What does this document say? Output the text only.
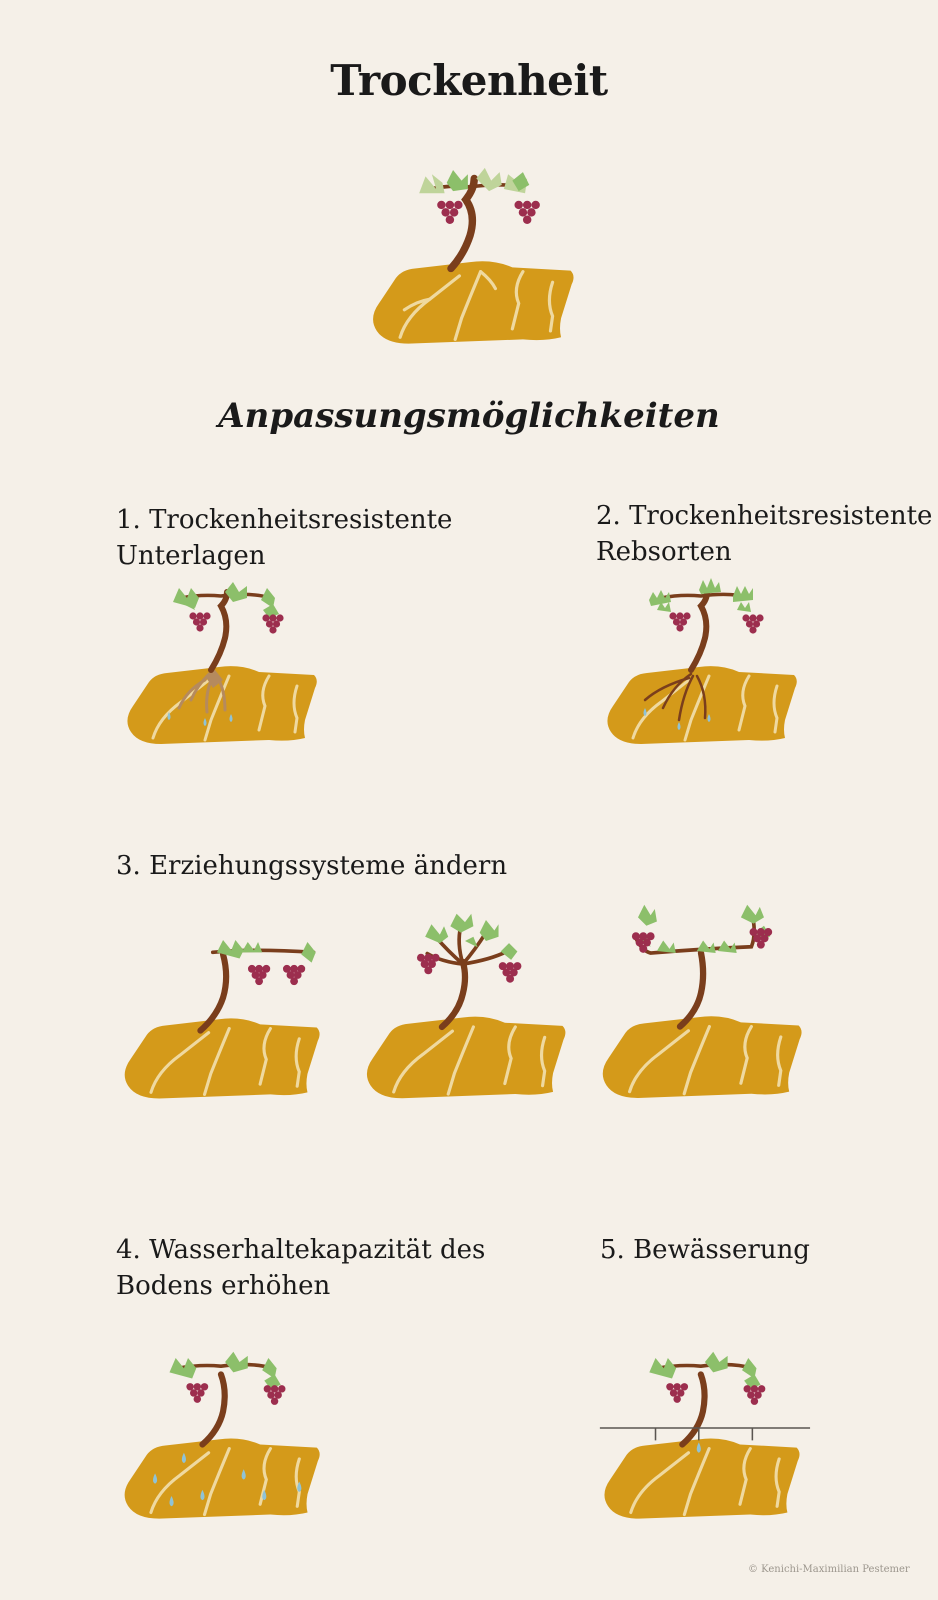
Trockenheit
Anpassungsmöglichkeiten
1. Trockenheitsresistente
Unterlagen
2. Trockenheitsresistente
Rebsorten
3. Erziehungssysteme ändern
4. Wasserhaltekapazität des
Bodens erhöhen
5. Bewässerung
© Kenichi-Maximilian Pestemer
